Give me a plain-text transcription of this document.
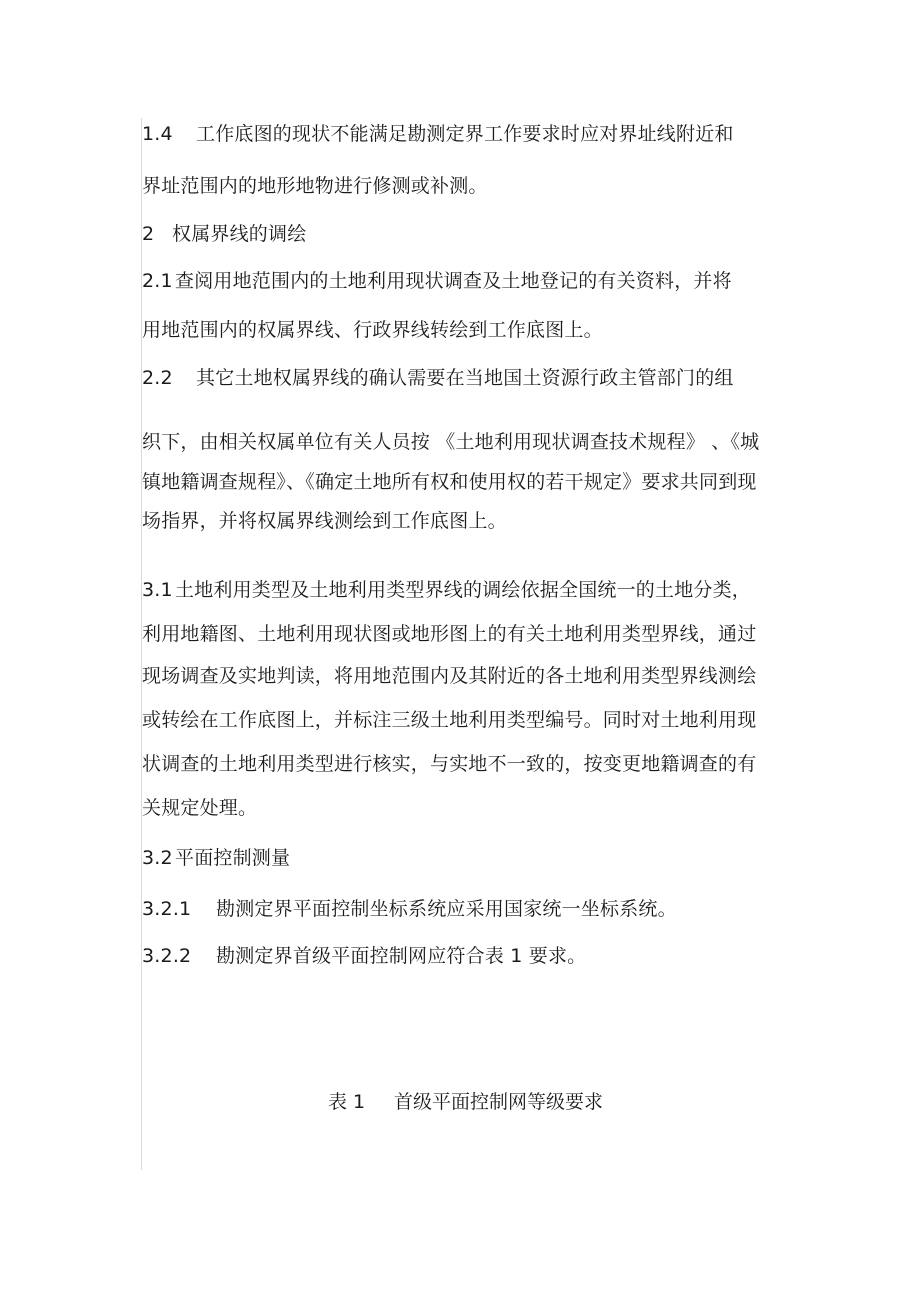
1.4 工作底图的现状不能满足勘测定界工作要求时应对界址线附近和
界址范围内的地形地物进行修测或补测。
2 权属界线的调绘
2.1 查阅用地范围内的土地利用现状调查及土地登记的有关资料，并将
用地范围内的权属界线、行政界线转绘到工作底图上。
2.2 其它土地权属界线的确认需要在当地国土资源行政主管部门的组
织下，由相关权属单位有关人员按 《土地利用现状调查技术规程》 、《城
镇地籍调查规程》、《确定土地所有权和使用权的若干规定》要求共同到现
场指界，并将权属界线测绘到工作底图上。
3.1 土地利用类型及土地利用类型界线的调绘依据全国统一的土地分类，
利用地籍图、土地利用现状图或地形图上的有关土地利用类型界线，通过
现场调查及实地判读，将用地范围内及其附近的各土地利用类型界线测绘
或转绘在工作底图上，并标注三级土地利用类型编号。同时对土地利用现
状调查的土地利用类型进行核实，与实地不一致的，按变更地籍调查的有
关规定处理。
3.2 平面控制测量
3.2.1 勘测定界平面控制坐标系统应采用国家统一坐标系统。
3.2.2 勘测定界首级平面控制网应符合表 1 要求。
表 1 首级平面控制网等级要求
